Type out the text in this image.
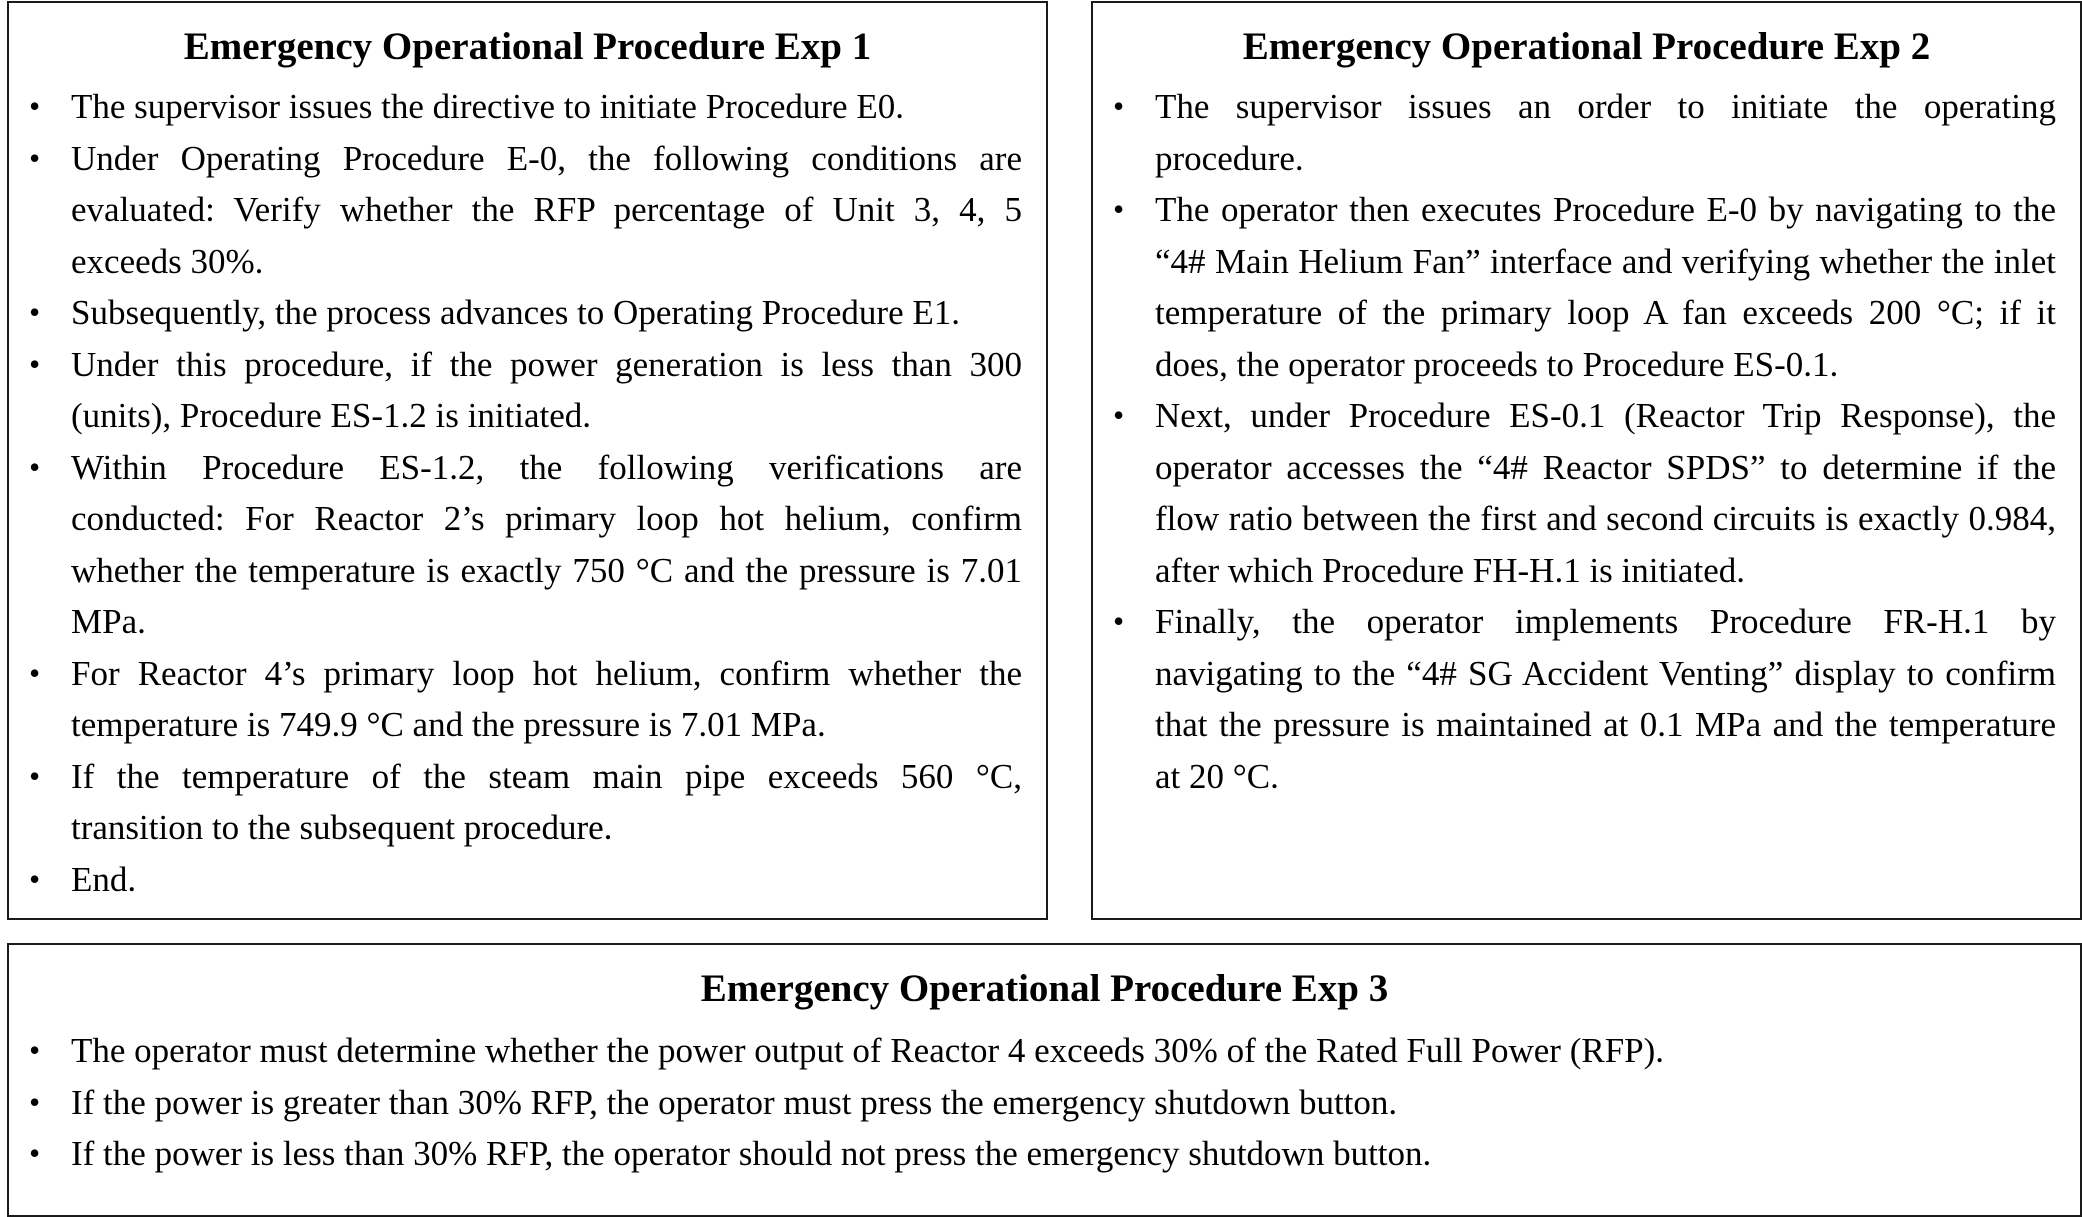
Emergency Operational Procedure Exp 1
• The supervisor issues the directive to initiate Procedure E0.
• Under Operating Procedure E-0, the following conditions are evaluated: Verify whether the RFP percentage of Unit 3, 4, 5 exceeds 30%.
• Subsequently, the process advances to Operating Procedure E1.
• Under this procedure, if the power generation is less than 300 (units), Procedure ES-1.2 is initiated.
• Within Procedure ES-1.2, the following verifications are conducted: For Reactor 2’s primary loop hot helium, confirm whether the temperature is exactly 750 °C and the pressure is 7.01 MPa.
• For Reactor 4’s primary loop hot helium, confirm whether the temperature is 749.9 °C and the pressure is 7.01 MPa.
• If the temperature of the steam main pipe exceeds 560 °C, transition to the subsequent procedure.
• End.
Emergency Operational Procedure Exp 2
• The supervisor issues an order to initiate the operating procedure.
• The operator then executes Procedure E-0 by navigating to the “4# Main Helium Fan” interface and verifying whether the inlet temperature of the primary loop A fan exceeds 200 °C; if it does, the operator proceeds to Procedure ES-0.1.
• Next, under Procedure ES-0.1 (Reactor Trip Response), the operator accesses the “4# Reactor SPDS” to determine if the flow ratio between the first and second circuits is exactly 0.984, after which Procedure FH-H.1 is initiated.
• Finally, the operator implements Procedure FR-H.1 by navigating to the “4# SG Accident Venting” display to confirm that the pressure is maintained at 0.1 MPa and the temperature at 20 °C.
Emergency Operational Procedure Exp 3
• The operator must determine whether the power output of Reactor 4 exceeds 30% of the Rated Full Power (RFP).
• If the power is greater than 30% RFP, the operator must press the emergency shutdown button.
• If the power is less than 30% RFP, the operator should not press the emergency shutdown button.
